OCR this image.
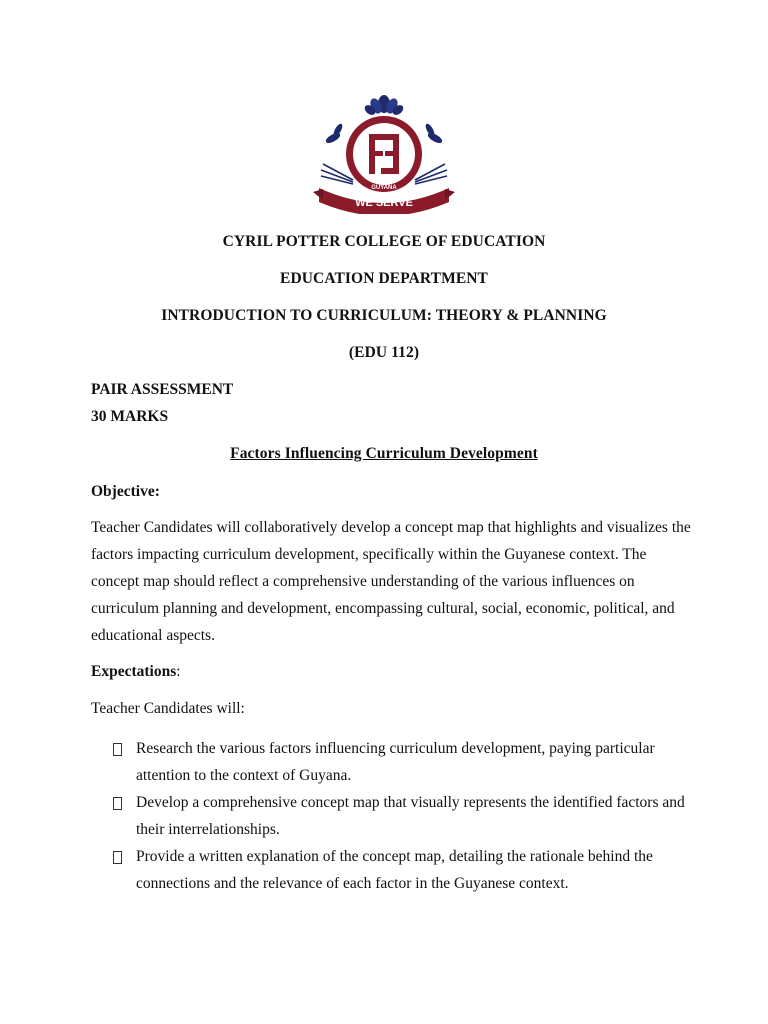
WE SERVE
GUYANA
CYRIL POTTER COLLEGE OF EDUCATION
EDUCATION DEPARTMENT
INTRODUCTION TO CURRICULUM: THEORY & PLANNING
(EDU 112)
PAIR ASSESSMENT
30 MARKS
Factors Influencing Curriculum Development
Objective:
Teacher Candidates will collaboratively develop a concept map that highlights and visualizes the
factors impacting curriculum development, specifically within the Guyanese context. The
concept map should reflect a comprehensive understanding of the various influences on
curriculum planning and development, encompassing cultural, social, economic, political, and
educational aspects.
Expectations:
Teacher Candidates will:
Research the various factors influencing curriculum development, paying particular
attention to the context of Guyana.
Develop a comprehensive concept map that visually represents the identified factors and
their interrelationships.
Provide a written explanation of the concept map, detailing the rationale behind the
connections and the relevance of each factor in the Guyanese context.
